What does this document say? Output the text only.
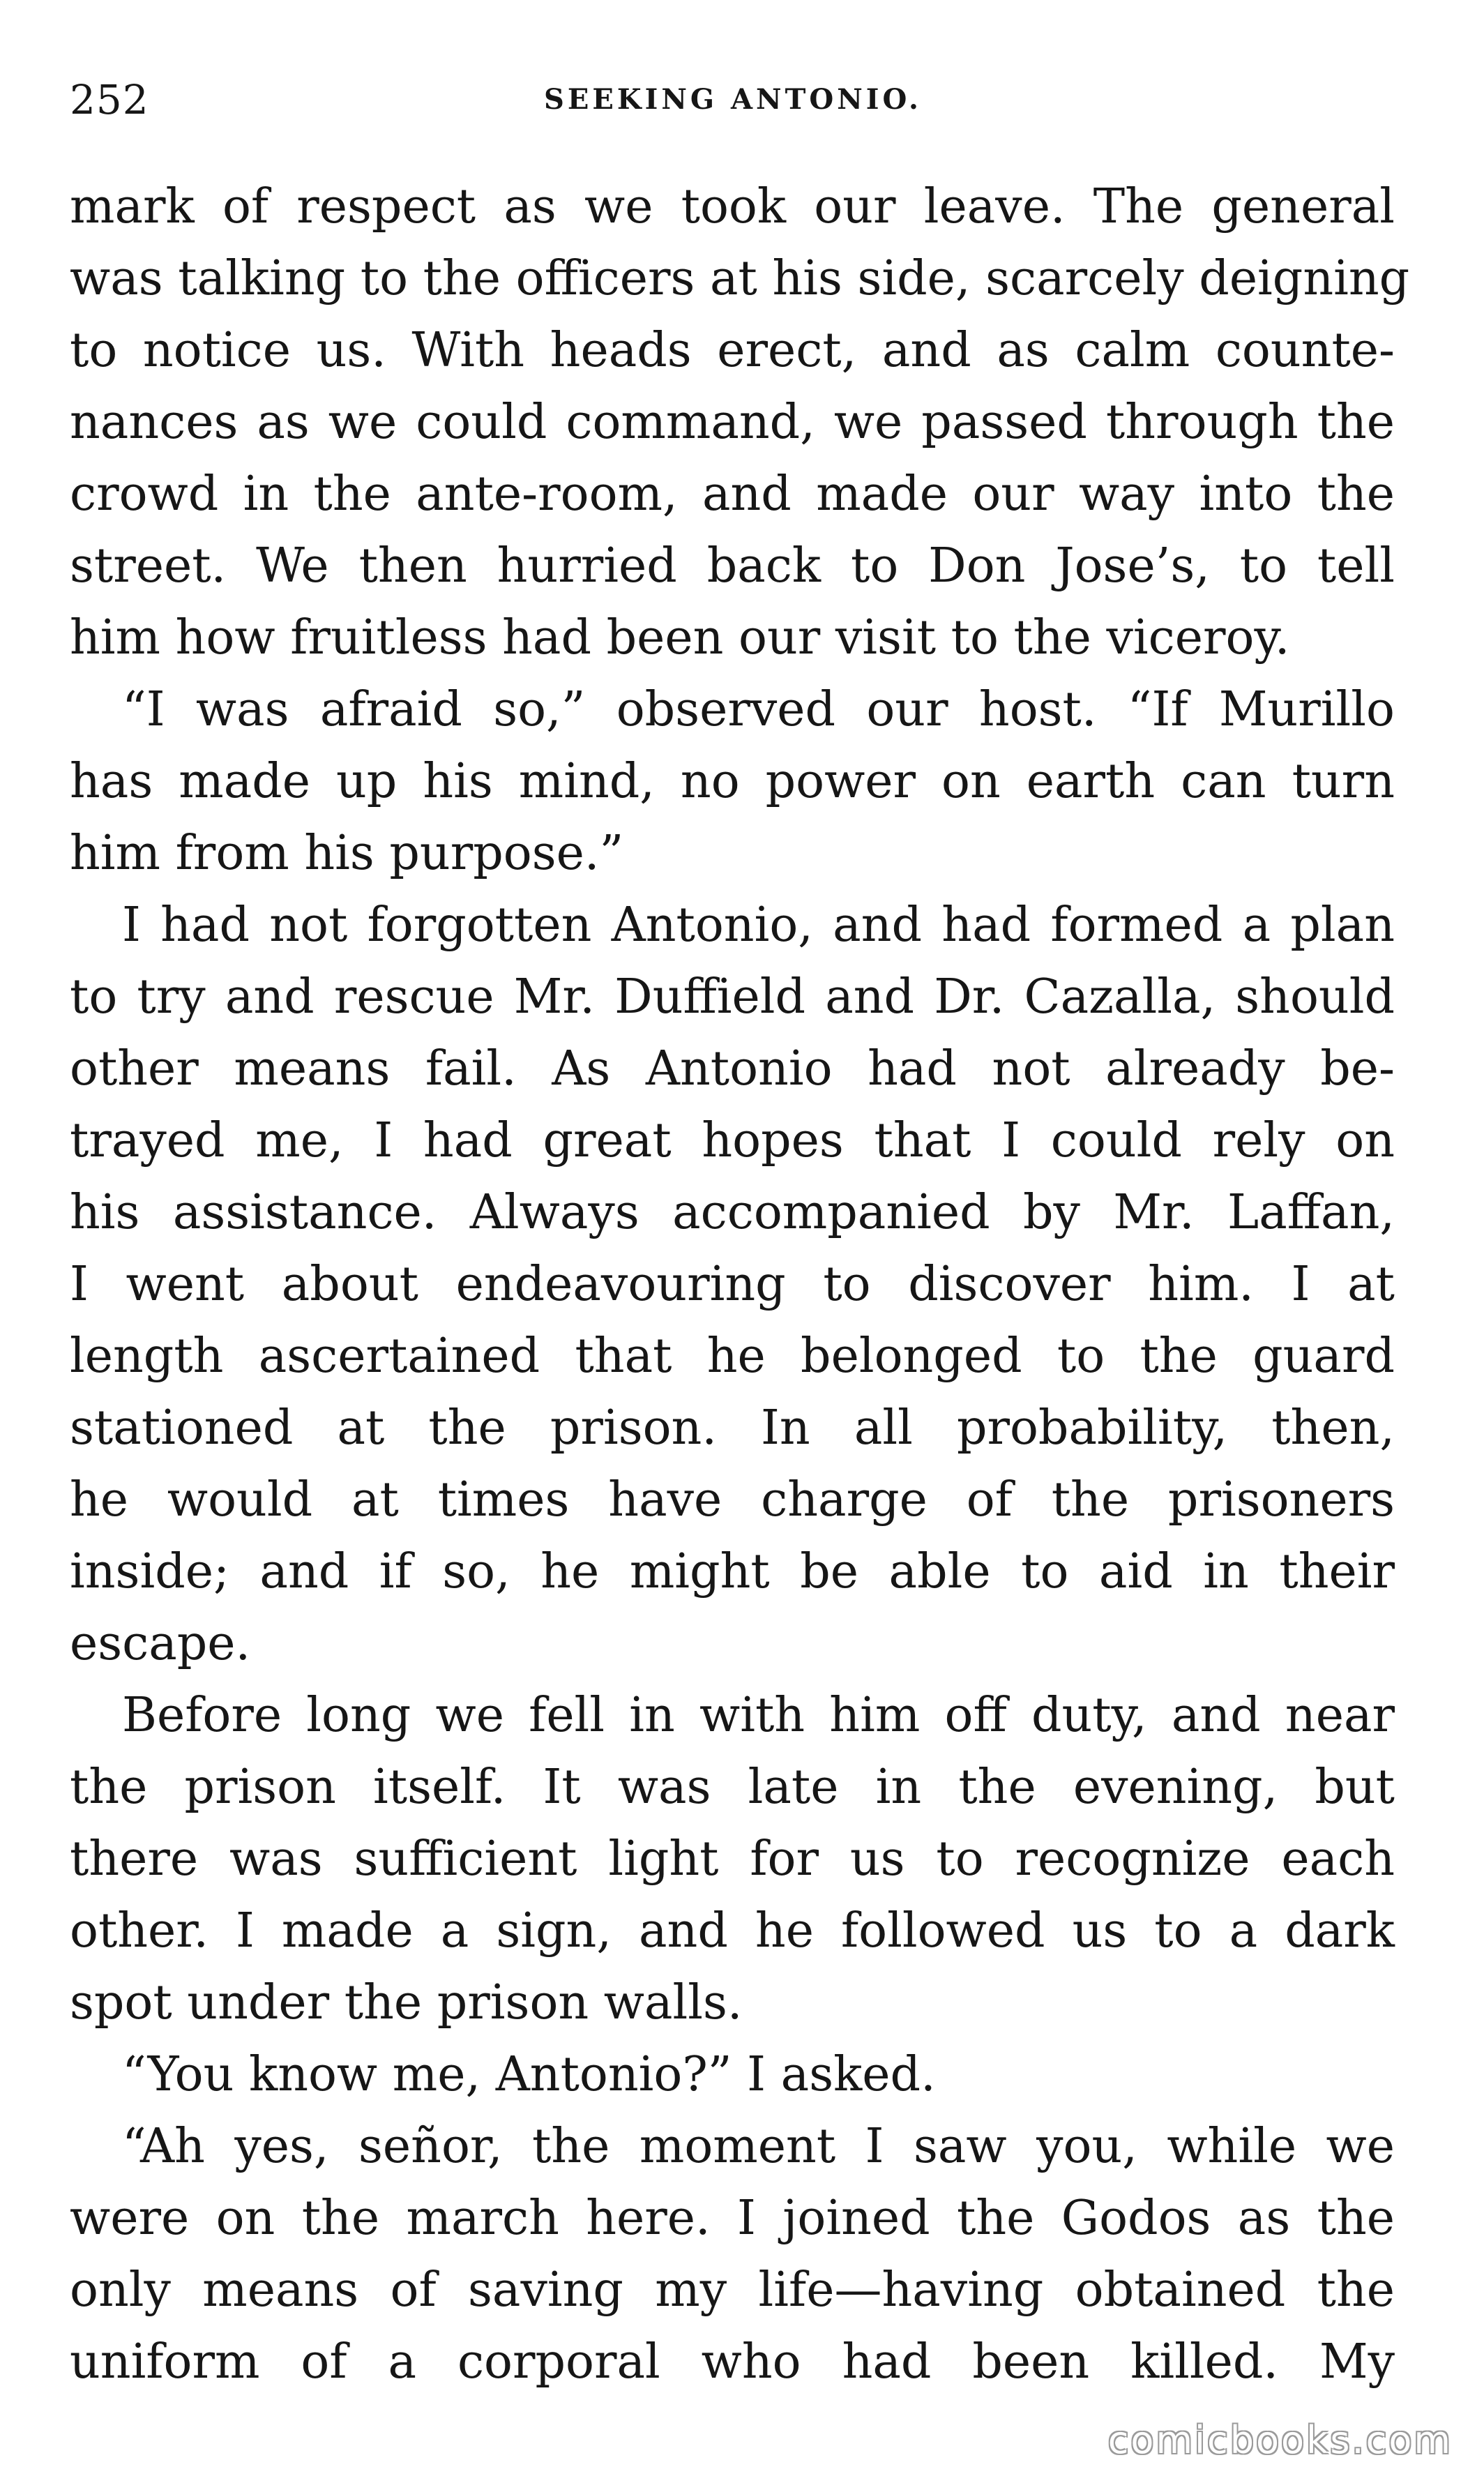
252	SEEKING ANTONIO.
mark of respect as we took our leave. The general
was talking to the officers at his side, scarcely deigning
to notice us. With heads erect, and as calm counte-
nances as we could command, we passed through the
crowd in the ante-room, and made our way into the
street. We then hurried back to Don Jose’s, to tell
him how fruitless had been our visit to the viceroy.
“I was afraid so,” observed our host. “If Murillo
has made up his mind, no power on earth can turn
him from his purpose.”
I had not forgotten Antonio, and had formed a plan
to try and rescue Mr. Duffield and Dr. Cazalla, should
other means fail. As Antonio had not already be-
trayed me, I had great hopes that I could rely on
his assistance. Always accompanied by Mr. Laffan,
I went about endeavouring to discover him. I at
length ascertained that he belonged to the guard
stationed at the prison. In all probability, then,
he would at times have charge of the prisoners
inside; and if so, he might be able to aid in their
escape.
Before long we fell in with him off duty, and near
the prison itself. It was late in the evening, but
there was sufficient light for us to recognize each
other. I made a sign, and he followed us to a dark
spot under the prison walls.
“You know me, Antonio?” I asked.
“Ah yes, señor, the moment I saw you, while we
were on the march here. I joined the Godos as the
only means of saving my life—having obtained the
uniform of a corporal who had been killed. My
comicbooks.com
